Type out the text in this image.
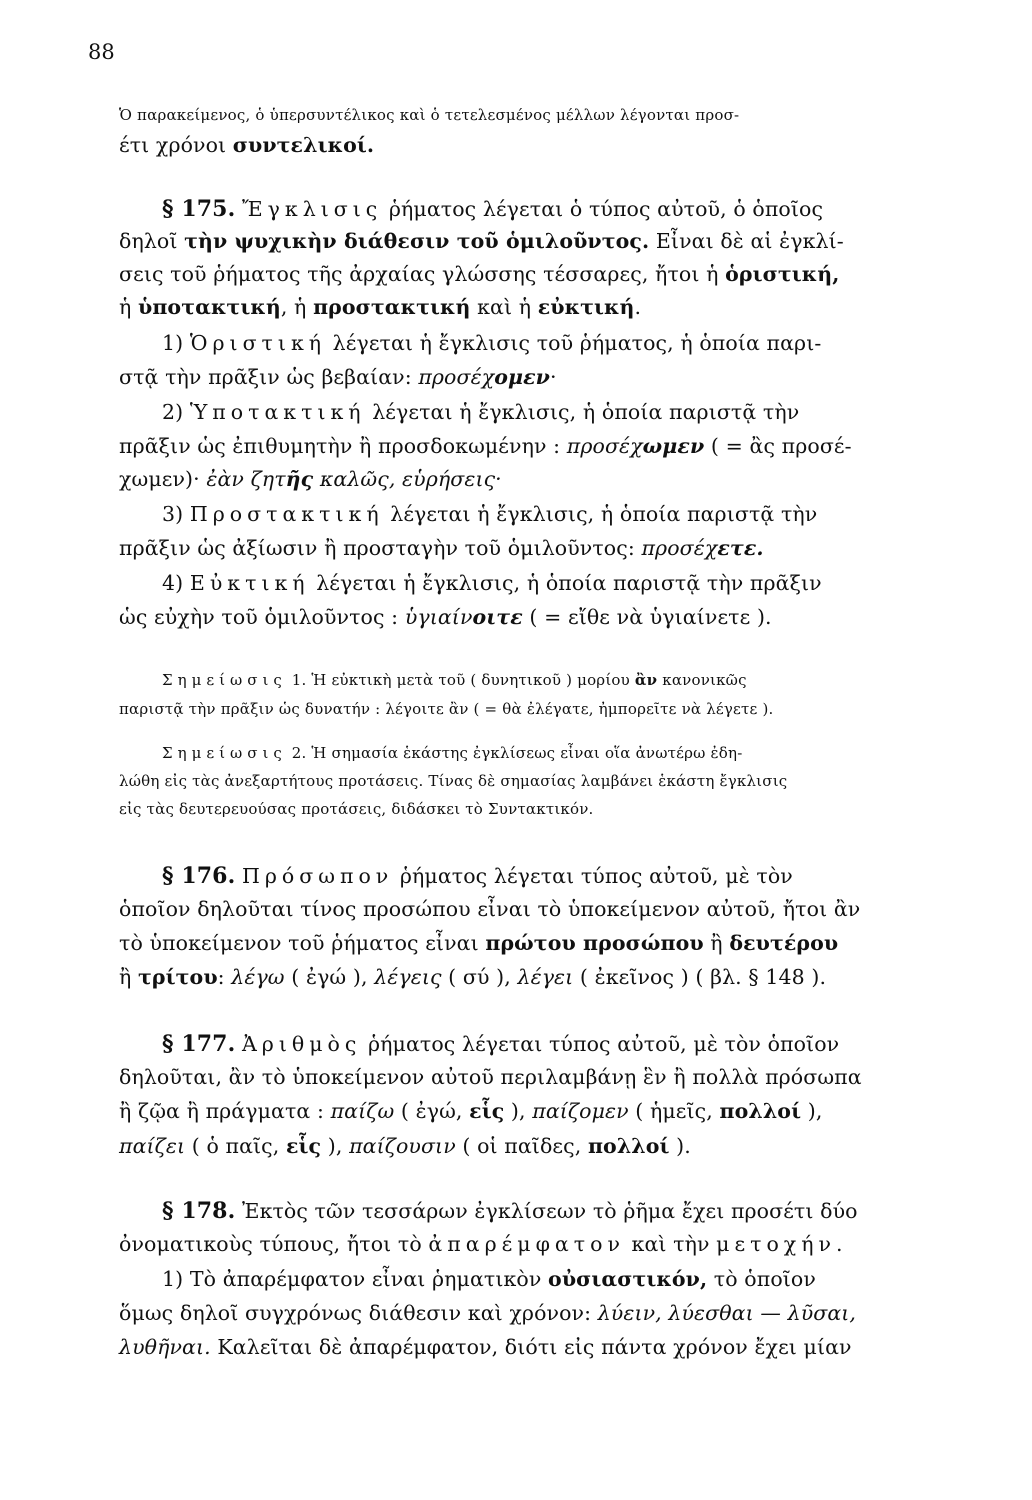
88
Ὁ παρακείμενος, ὁ ὑπερσυντέλικος καὶ ὁ τετελεσμένος μέλλων λέγονται προσ-
έτι χρόνοι συντελικοί.
§ 175. Ἔγκλισις ῥήματος λέγεται ὁ τύπος αὐτοῦ, ὁ ὁποῖος
δηλοῖ τὴν ψυχικὴν διάθεσιν τοῦ ὁμιλοῦντος. Εἶναι δὲ αἱ ἐγκλί-
σεις τοῦ ῥήματος τῆς ἀρχαίας γλώσσης τέσσαρες, ἤτοι ἡ ὁριστική,
ἡ ὑποτακτική, ἡ προστακτική καὶ ἡ εὐκτική.
1) Ὁριστική λέγεται ἡ ἔγκλισις τοῦ ῥήματος, ἡ ὁποία παρι-
στᾷ τὴν πρᾶξιν ὡς βεβαίαν: προσέχομεν·
2) Ὑποτακτική λέγεται ἡ ἔγκλισις, ἡ ὁποία παριστᾷ τὴν
πρᾶξιν ὡς ἐπιθυμητὴν ἢ προσδοκωμένην : προσέχωμεν ( = ἂς προσέ-
χωμεν)· ἐὰν ζητῆς καλῶς, εὑρήσεις·
3) Προστακτική λέγεται ἡ ἔγκλισις, ἡ ὁποία παριστᾷ τὴν
πρᾶξιν ὡς ἀξίωσιν ἢ προσταγὴν τοῦ ὁμιλοῦντος: προσέχετε.
4) Εὐκτική λέγεται ἡ ἔγκλισις, ἡ ὁποία παριστᾷ τὴν πρᾶξιν
ὡς εὐχὴν τοῦ ὁμιλοῦντος : ὑγιαίνοιτε ( = εἴθε νὰ ὑγιαίνετε ).
Σημείωσις 1. Ἡ εὐκτικὴ μετὰ τοῦ ( δυνητικοῦ ) μορίου ἂν κανονικῶς
παριστᾷ τὴν πρᾶξιν ὡς δυνατήν : λέγοιτε ἂν ( = θὰ ἐλέγατε, ἠμπορεῖτε νὰ λέγετε ).
Σημείωσις 2. Ἡ σημασία ἑκάστης ἐγκλίσεως εἶναι οἵα ἀνωτέρω ἐδη-
λώθη εἰς τὰς ἀνεξαρτήτους προτάσεις. Τίνας δὲ σημασίας λαμβάνει ἑκάστη ἔγκλισις
εἰς τὰς δευτερευούσας προτάσεις, διδάσκει τὸ Συντακτικόν.
§ 176. Πρόσωπον ῥήματος λέγεται τύπος αὐτοῦ, μὲ τὸν
ὁποῖον δηλοῦται τίνος προσώπου εἶναι τὸ ὑποκείμενον αὐτοῦ, ἤτοι ἂν
τὸ ὑποκείμενον τοῦ ῥήματος εἶναι πρώτου προσώπου ἢ δευτέρου
ἢ τρίτου: λέγω ( ἐγώ ), λέγεις ( σύ ), λέγει ( ἐκεῖνος ) ( βλ. § 148 ).
§ 177. Ἀριθμὸς ῥήματος λέγεται τύπος αὐτοῦ, μὲ τὸν ὁποῖον
δηλοῦται, ἂν τὸ ὑποκείμενον αὐτοῦ περιλαμβάνῃ ἓν ἢ πολλὰ πρόσωπα
ἢ ζῷα ἢ πράγματα : παίζω ( ἐγώ, εἷς ), παίζομεν ( ἡμεῖς, πολλοί ),
παίζει ( ὁ παῖς, εἷς ), παίζουσιν ( οἱ παῖδες, πολλοί ).
§ 178. Ἐκτὸς τῶν τεσσάρων ἐγκλίσεων τὸ ῥῆμα ἔχει προσέτι δύο
ὀνοματικοὺς τύπους, ἤτοι τὸ ἀπαρέμφατον καὶ τὴν μετοχήν.
1) Τὸ ἀπαρέμφατον εἶναι ῥηματικὸν οὐσιαστικόν, τὸ ὁποῖον
ὅμως δηλοῖ συγχρόνως διάθεσιν καὶ χρόνον: λύειν, λύεσθαι — λῦσαι,
λυθῆναι. Καλεῖται δὲ ἀπαρέμφατον, διότι εἰς πάντα χρόνον ἔχει μίαν
